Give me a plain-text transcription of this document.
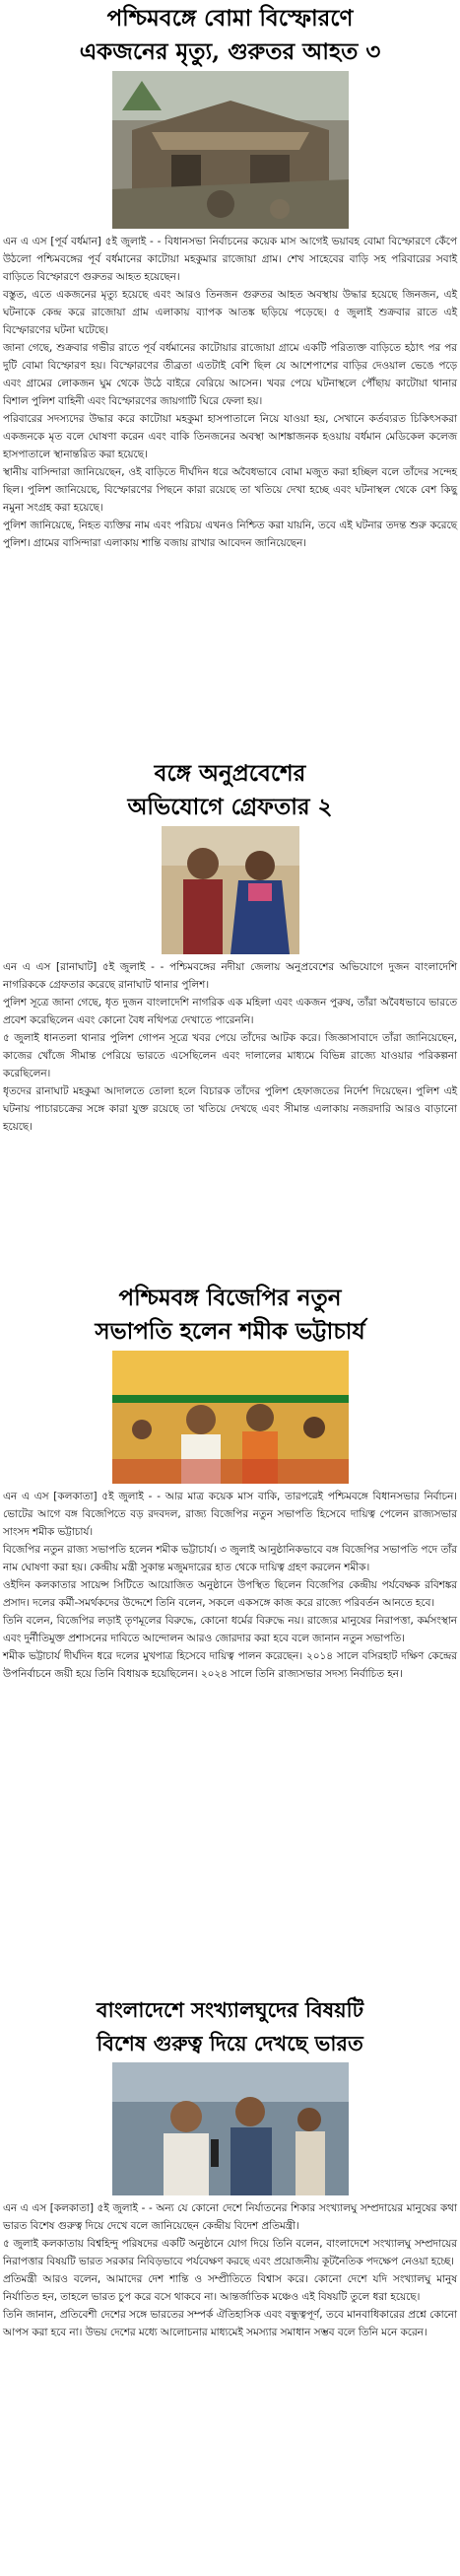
পশ্চিমবঙ্গে বোমা বিস্ফোরণে
একজনের মৃত্যু, গুরুতর আহত ৩

এন এ এস [পূর্ব বর্ধমান] ৫ই জুলাই - - বিধানসভা নির্বাচনের কয়েক মাস আগেই ভয়াবহ বোমা বিস্ফোরণে কেঁপে উঠলো পশ্চিমবঙ্গের পূর্ব বর্ধমানের কাটোয়া মহকুমার রাজোয়া গ্রাম। শেখ সাহেবের বাড়ি সহ পরিবারের সবাই বাড়িতে বিস্ফোরণে গুরুতর আহত হয়েছেন।

বস্তুত, এতে একজনের মৃত্যু হয়েছে এবং আরও তিনজন গুরুতর আহত অবস্থায় উদ্ধার হয়েছে জিনজন, এই ঘটনাকে কেন্দ্র করে রাজোয়া গ্রাম এলাকায় ব্যাপক আতঙ্ক ছড়িয়ে পড়েছে। ৫ জুলাই শুক্রবার রাতে এই বিস্ফোরণের ঘটনা ঘটেছে।

জানা গেছে, শুক্রবার গভীর রাতে পূর্ব বর্ধমানের কাটোয়ার রাজোয়া গ্রামে একটি পরিত্যক্ত বাড়িতে হঠাৎ পর পর দুটি বোমা বিস্ফোরণ হয়। বিস্ফোরণের তীব্রতা এতটাই বেশি ছিল যে আশেপাশের বাড়ির দেওয়াল ভেঙে পড়ে এবং গ্রামের লোকজন ঘুম থেকে উঠে বাইরে বেরিয়ে আসেন। খবর পেয়ে ঘটনাস্থলে পৌঁছায় কাটোয়া থানার বিশাল পুলিশ বাহিনী এবং বিস্ফোরণের জায়গাটি ঘিরে ফেলা হয়।

পরিবারের সদস্যদের উদ্ধার করে কাটোয়া মহকুমা হাসপাতালে নিয়ে যাওয়া হয়, সেখানে কর্তব্যরত চিকিৎসকরা একজনকে মৃত বলে ঘোষণা করেন এবং বাকি তিনজনের অবস্থা আশঙ্কাজনক হওয়ায় বর্ধমান মেডিকেল কলেজ হাসপাতালে স্থানান্তরিত করা হয়েছে।

স্থানীয় বাসিন্দারা জানিয়েছেন, ওই বাড়িতে দীর্ঘদিন ধরে অবৈধভাবে বোমা মজুত করা হচ্ছিল বলে তাঁদের সন্দেহ ছিল। পুলিশ জানিয়েছে, বিস্ফোরণের পিছনে কারা রয়েছে তা খতিয়ে দেখা হচ্ছে এবং ঘটনাস্থল থেকে বেশ কিছু নমুনা সংগ্রহ করা হয়েছে।

পুলিশ জানিয়েছে, নিহত ব্যক্তির নাম এবং পরিচয় এখনও নিশ্চিত করা যায়নি, তবে এই ঘটনার তদন্ত শুরু করেছে পুলিশ। গ্রামের বাসিন্দারা এলাকায় শান্তি বজায় রাখার আবেদন জানিয়েছেন।

বঙ্গে অনুপ্রবেশের
অভিযোগে গ্রেফতার ২

এন এ এস [রানাঘাট] ৫ই জুলাই - - পশ্চিমবঙ্গের নদীয়া জেলায় অনুপ্রবেশের অভিযোগে দুজন বাংলাদেশি নাগরিককে গ্রেফতার করেছে রানাঘাট থানার পুলিশ।

পুলিশ সূত্রে জানা গেছে, ধৃত দুজন বাংলাদেশি নাগরিক এক মহিলা এবং একজন পুরুষ, তাঁরা অবৈধভাবে ভারতে প্রবেশ করেছিলেন এবং কোনো বৈধ নথিপত্র দেখাতে পারেননি।

৫ জুলাই ধানতলা থানার পুলিশ গোপন সূত্রে খবর পেয়ে তাঁদের আটক করে। জিজ্ঞাসাবাদে তাঁরা জানিয়েছেন, কাজের খোঁজে সীমান্ত পেরিয়ে ভারতে এসেছিলেন এবং দালালের মাধ্যমে বিভিন্ন রাজ্যে যাওয়ার পরিকল্পনা করেছিলেন।

ধৃতদের রানাঘাট মহকুমা আদালতে তোলা হলে বিচারক তাঁদের পুলিশ হেফাজতের নির্দেশ দিয়েছেন। পুলিশ এই ঘটনায় পাচারচক্রের সঙ্গে কারা যুক্ত রয়েছে তা খতিয়ে দেখছে এবং সীমান্ত এলাকায় নজরদারি আরও বাড়ানো হয়েছে।

পশ্চিমবঙ্গ বিজেপির নতুন
সভাপতি হলেন শমীক ভট্টাচার্য

এন এ এস [কলকাতা] ৫ই জুলাই - - আর মাত্র কয়েক মাস বাকি, তারপরেই পশ্চিমবঙ্গে বিধানসভার নির্বাচন। ভোটের আগে বঙ্গ বিজেপিতে বড় রদবদল, রাজ্য বিজেপির নতুন সভাপতি হিসেবে দায়িত্ব পেলেন রাজ্যসভার সাংসদ শমীক ভট্টাচার্য।

বিজেপির নতুন রাজ্য সভাপতি হলেন শমীক ভট্টাচার্য। ৩ জুলাই আনুষ্ঠানিকভাবে বঙ্গ বিজেপির সভাপতি পদে তাঁর নাম ঘোষণা করা হয়। কেন্দ্রীয় মন্ত্রী সুকান্ত মজুমদারের হাত থেকে দায়িত্ব গ্রহণ করলেন শমীক।

ওইদিন কলকাতার সায়েন্স সিটিতে আয়োজিত অনুষ্ঠানে উপস্থিত ছিলেন বিজেপির কেন্দ্রীয় পর্যবেক্ষক রবিশঙ্কর প্রসাদ। দলের কর্মী-সমর্থকদের উদ্দেশে তিনি বলেন, সকলে একসঙ্গে কাজ করে রাজ্যে পরিবর্তন আনতে হবে।

তিনি বলেন, বিজেপির লড়াই তৃণমূলের বিরুদ্ধে, কোনো ধর্মের বিরুদ্ধে নয়। রাজ্যের মানুষের নিরাপত্তা, কর্মসংস্থান এবং দুর্নীতিমুক্ত প্রশাসনের দাবিতে আন্দোলন আরও জোরদার করা হবে বলে জানান নতুন সভাপতি।

শমীক ভট্টাচার্য দীর্ঘদিন ধরে দলের মুখপাত্র হিসেবে দায়িত্ব পালন করেছেন। ২০১৪ সালে বসিরহাট দক্ষিণ কেন্দ্রের উপনির্বাচনে জয়ী হয়ে তিনি বিধায়ক হয়েছিলেন। ২০২৪ সালে তিনি রাজ্যসভার সদস্য নির্বাচিত হন।

বাংলাদেশে সংখ্যালঘুদের বিষয়টি
বিশেষ গুরুত্ব দিয়ে দেখছে ভারত

এন এ এস [কলকাতা] ৫ই জুলাই - - অন্য যে কোনো দেশে নির্যাতনের শিকার সংখ্যালঘু সম্প্রদায়ের মানুষের কথা ভারত বিশেষ গুরুত্ব দিয়ে দেখে বলে জানিয়েছেন কেন্দ্রীয় বিদেশ প্রতিমন্ত্রী।

৫ জুলাই কলকাতায় বিশ্বহিন্দু পরিষদের একটি অনুষ্ঠানে যোগ দিয়ে তিনি বলেন, বাংলাদেশে সংখ্যালঘু সম্প্রদায়ের নিরাপত্তার বিষয়টি ভারত সরকার নিবিড়ভাবে পর্যবেক্ষণ করছে এবং প্রয়োজনীয় কূটনৈতিক পদক্ষেপ নেওয়া হচ্ছে।

প্রতিমন্ত্রী আরও বলেন, আমাদের দেশ শান্তি ও সম্প্রীতিতে বিশ্বাস করে। কোনো দেশে যদি সংখ্যালঘু মানুষ নির্যাতিত হন, তাহলে ভারত চুপ করে বসে থাকবে না। আন্তর্জাতিক মঞ্চেও এই বিষয়টি তুলে ধরা হয়েছে।

তিনি জানান, প্রতিবেশী দেশের সঙ্গে ভারতের সম্পর্ক ঐতিহাসিক এবং বন্ধুত্বপূর্ণ, তবে মানবাধিকারের প্রশ্নে কোনো আপস করা হবে না। উভয় দেশের মধ্যে আলোচনার মাধ্যমেই সমস্যার সমাধান সম্ভব বলে তিনি মনে করেন।
